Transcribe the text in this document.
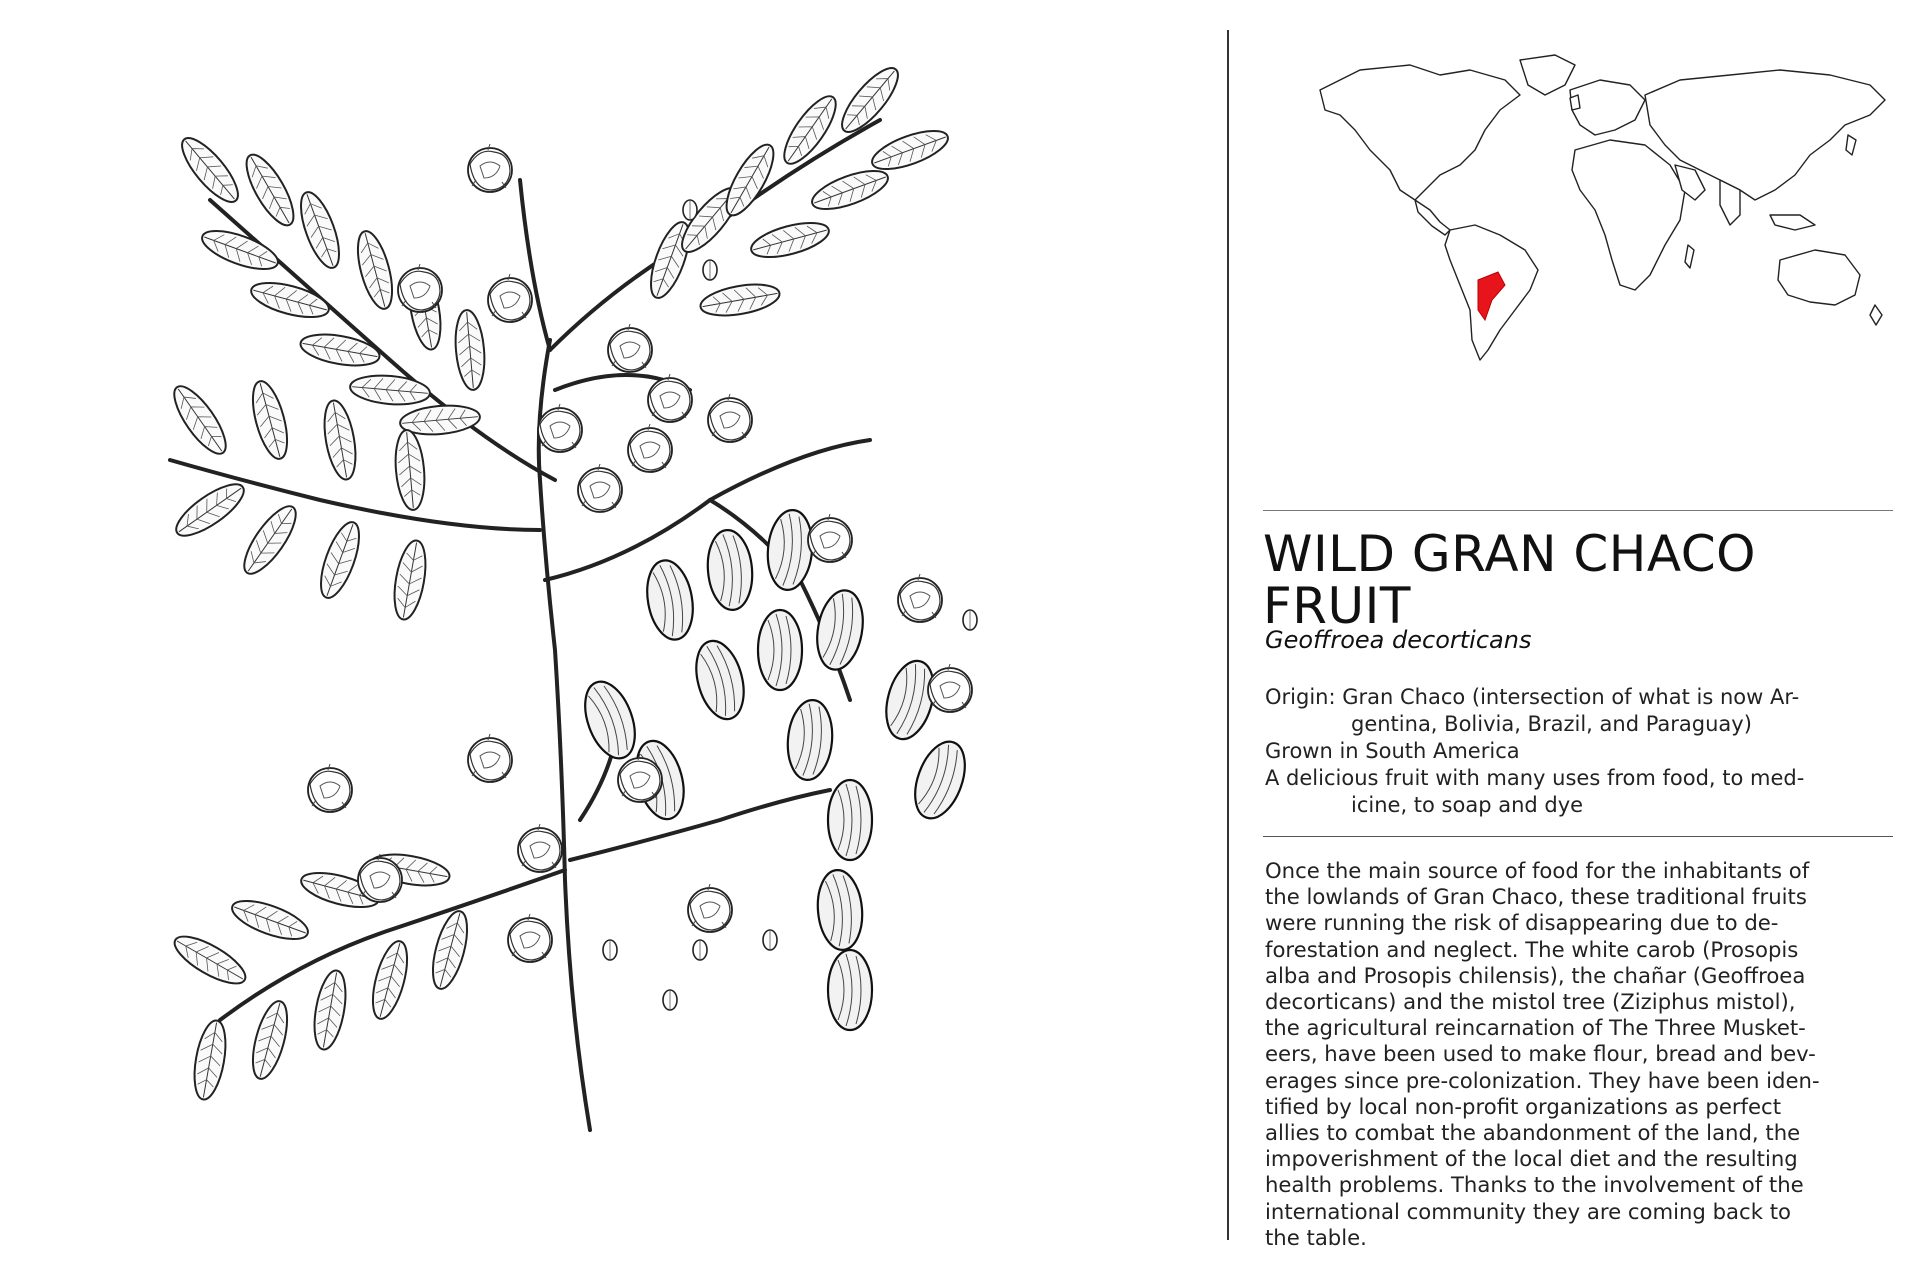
WILD GRAN CHACO
FRUIT
Geoffroea decorticans

Origin: Gran Chaco (intersection of what is now Ar-
gentina, Bolivia, Brazil, and Paraguay)

Grown in South America

A delicious fruit with many uses from food, to med-
icine, to soap and dye

Once the main source of food for the inhabitants of
the lowlands of Gran Chaco, these traditional fruits
were running the risk of disappearing due to de-
forestation and neglect. The white carob (Prosopis
alba and Prosopis chilensis), the chañar (Geoffroea
decorticans) and the mistol tree (Ziziphus mistol),
the agricultural reincarnation of The Three Musket-
eers, have been used to make flour, bread and bev-
erages since pre-colonization. They have been iden-
tified by local non-profit organizations as perfect
allies to combat the abandonment of the land, the
impoverishment of the local diet and the resulting
health problems. Thanks to the involvement of the
international community they are coming back to
the table.
